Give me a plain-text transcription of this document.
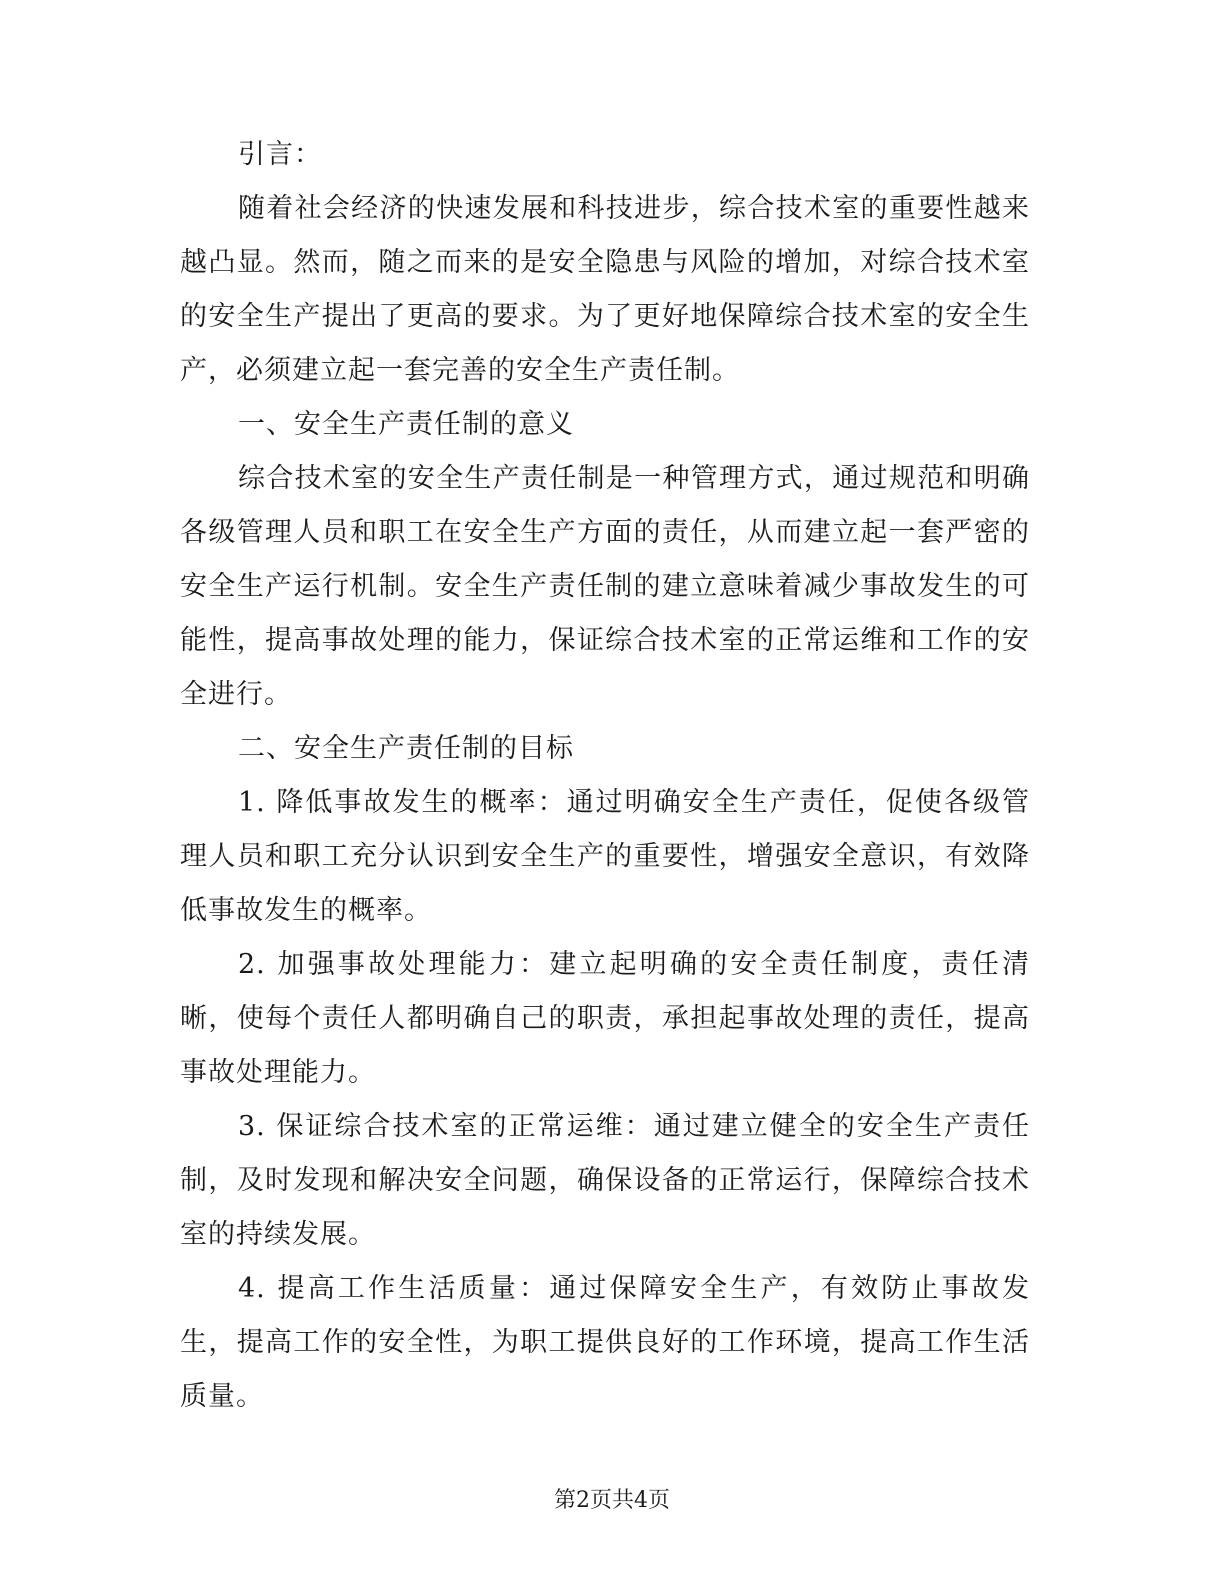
引言：

随着社会经济的快速发展和科技进步，综合技术室的重要性越来越凸显。然而，随之而来的是安全隐患与风险的增加，对综合技术室的安全生产提出了更高的要求。为了更好地保障综合技术室的安全生产，必须建立起一套完善的安全生产责任制。

一、安全生产责任制的意义

综合技术室的安全生产责任制是一种管理方式，通过规范和明确各级管理人员和职工在安全生产方面的责任，从而建立起一套严密的安全生产运行机制。安全生产责任制的建立意味着减少事故发生的可能性，提高事故处理的能力，保证综合技术室的正常运维和工作的安全进行。

二、安全生产责任制的目标

1. 降低事故发生的概率：通过明确安全生产责任，促使各级管理人员和职工充分认识到安全生产的重要性，增强安全意识，有效降低事故发生的概率。

2. 加强事故处理能力：建立起明确的安全责任制度，责任清晰，使每个责任人都明确自己的职责，承担起事故处理的责任，提高事故处理能力。

3. 保证综合技术室的正常运维：通过建立健全的安全生产责任制，及时发现和解决安全问题，确保设备的正常运行，保障综合技术室的持续发展。

4. 提高工作生活质量：通过保障安全生产，有效防止事故发生，提高工作的安全性，为职工提供良好的工作环境，提高工作生活质量。

第2页共4页
